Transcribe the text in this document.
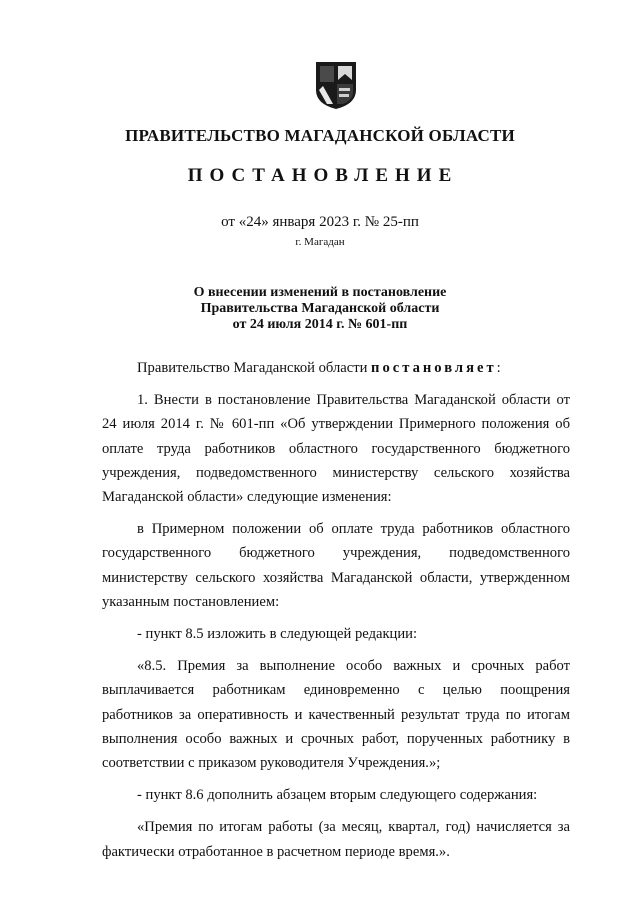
ПРАВИТЕЛЬСТВО МАГАДАНСКОЙ ОБЛАСТИ
ПОСТАНОВЛЕНИЕ
от «24» января 2023 г. № 25-пп
г. Магадан
О внесении изменений в постановление
Правительства Магаданской области
от 24 июля 2014 г. № 601-пп

Правительство Магаданской области постановляет:

1. Внести в постановление Правительства Магаданской области от 24 июля 2014 г. № 601-пп «Об утверждении Примерного положения об оплате труда работников областного государственного бюджетного учреждения, подведомственного министерству сельского хозяйства Магаданской области» следующие изменения:

в Примерном положении об оплате труда работников областного государственного бюджетного учреждения, подведомственного министерству сельского хозяйства Магаданской области, утвержденном указанным постановлением:

- пункт 8.5 изложить в следующей редакции:

«8.5. Премия за выполнение особо важных и срочных работ выплачивается работникам единовременно с целью поощрения работников за оперативность и качественный результат труда по итогам выполнения особо важных и срочных работ, порученных работнику в соответствии с приказом руководителя Учреждения.»;

- пункт 8.6 дополнить абзацем вторым следующего содержания:

«Премия по итогам работы (за месяц, квартал, год) начисляется за фактически отработанное в расчетном периоде время.».
